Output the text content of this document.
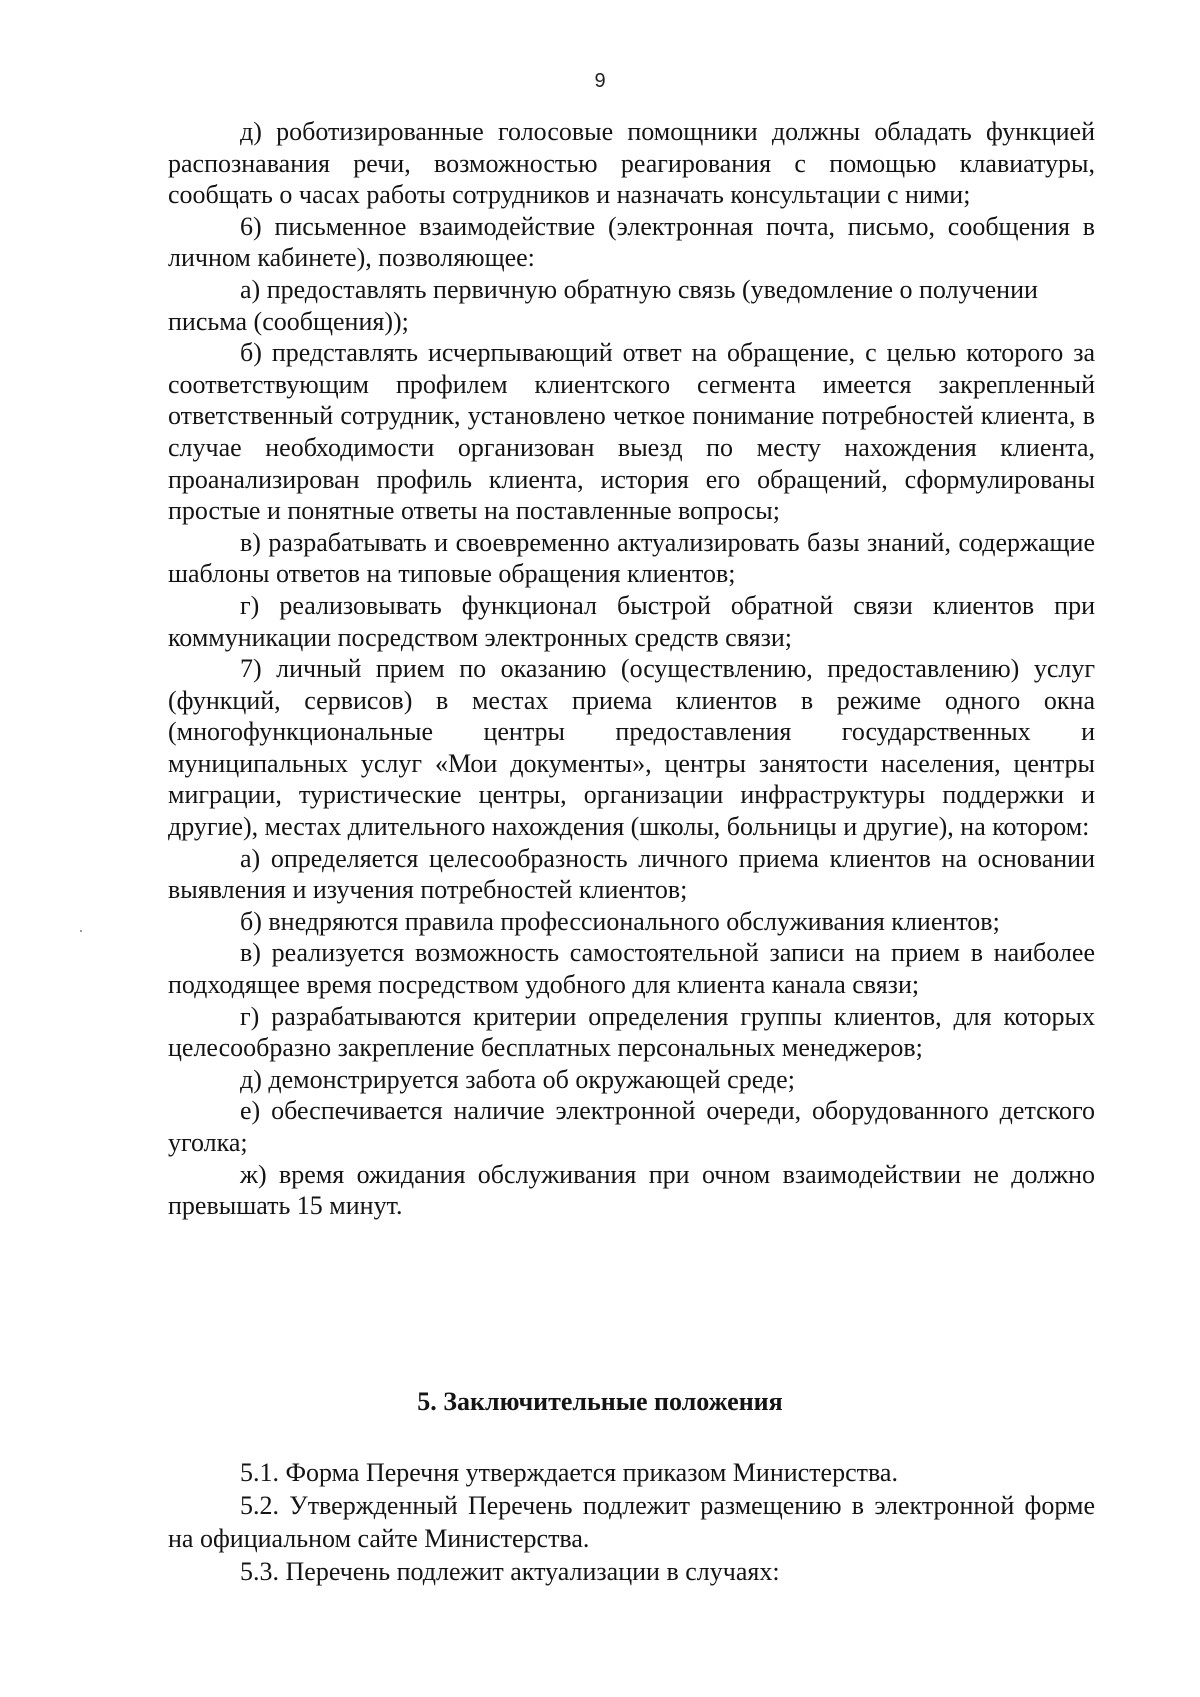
9

д) роботизированные голосовые помощники должны обладать функцией распознавания речи, возможностью реагирования с помощью клавиатуры, сообщать о часах работы сотрудников и назначать консультации с ними;

6) письменное взаимодействие (электронная почта, письмо, сообщения в личном кабинете), позволяющее:

а) предоставлять первичную обратную связь (уведомление о получении

письма (сообщения));

б) представлять исчерпывающий ответ на обращение, с целью которого за соответствующим профилем клиентского сегмента имеется закрепленный ответственный сотрудник, установлено четкое понимание потребностей клиента, в случае необходимости организован выезд по месту нахождения клиента, проанализирован профиль клиента, история его обращений, сформулированы простые и понятные ответы на поставленные вопросы;

в) разрабатывать и своевременно актуализировать базы знаний, содержащие шаблоны ответов на типовые обращения клиентов;

г) реализовывать функционал быстрой обратной связи клиентов при коммуникации посредством электронных средств связи;

7) личный прием по оказанию (осуществлению, предоставлению) услуг (функций, сервисов) в местах приема клиентов в режиме одного окна (многофункциональные центры предоставления государственных и муниципальных услуг «Мои документы», центры занятости населения, центры миграции, туристические центры, организации инфраструктуры поддержки и другие), местах длительного нахождения (школы, больницы и другие), на котором:

а) определяется целесообразность личного приема клиентов на основании выявления и изучения потребностей клиентов;

б) внедряются правила профессионального обслуживания клиентов;

в) реализуется возможность самостоятельной записи на прием в наиболее подходящее время посредством удобного для клиента канала связи;

г) разрабатываются критерии определения группы клиентов, для которых целесообразно закрепление бесплатных персональных менеджеров;

д) демонстрируется забота об окружающей среде;

е) обеспечивается наличие электронной очереди, оборудованного детского уголка;

ж) время ожидания обслуживания при очном взаимодействии не должно превышать 15 минут.

5. Заключительные положения

5.1. Форма Перечня утверждается приказом Министерства.

5.2. Утвержденный Перечень подлежит размещению в электронной форме на официальном сайте Министерства.

5.3. Перечень подлежит актуализации в случаях:
